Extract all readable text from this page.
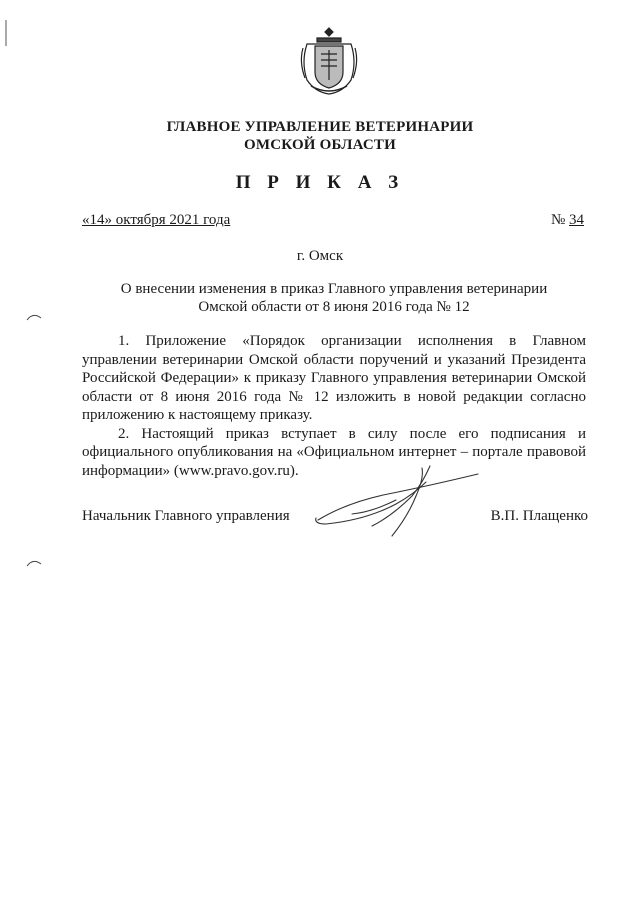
ГЛАВНОЕ УПРАВЛЕНИЕ ВЕТЕРИНАРИИ
ОМСКОЙ ОБЛАСТИ
П Р И К А З
«14» октября 2021 года	№ 34
г. Омск
О внесении изменения в приказ Главного управления ветеринарии
Омской области от 8 июня 2016 года № 12

1. Приложение «Порядок организации исполнения в Главном управлении ветеринарии Омской области поручений и указаний Президента Российской Федерации» к приказу Главного управления ветеринарии Омской области от 8 июня 2016 года № 12 изложить в новой редакции согласно приложению к настоящему приказу.

2. Настоящий приказ вступает в силу после его подписания и официального опубликования на «Официальном интернет – портале правовой информации» (www.pravo.gov.ru).

Начальник Главного управления	В.П. Плащенко
